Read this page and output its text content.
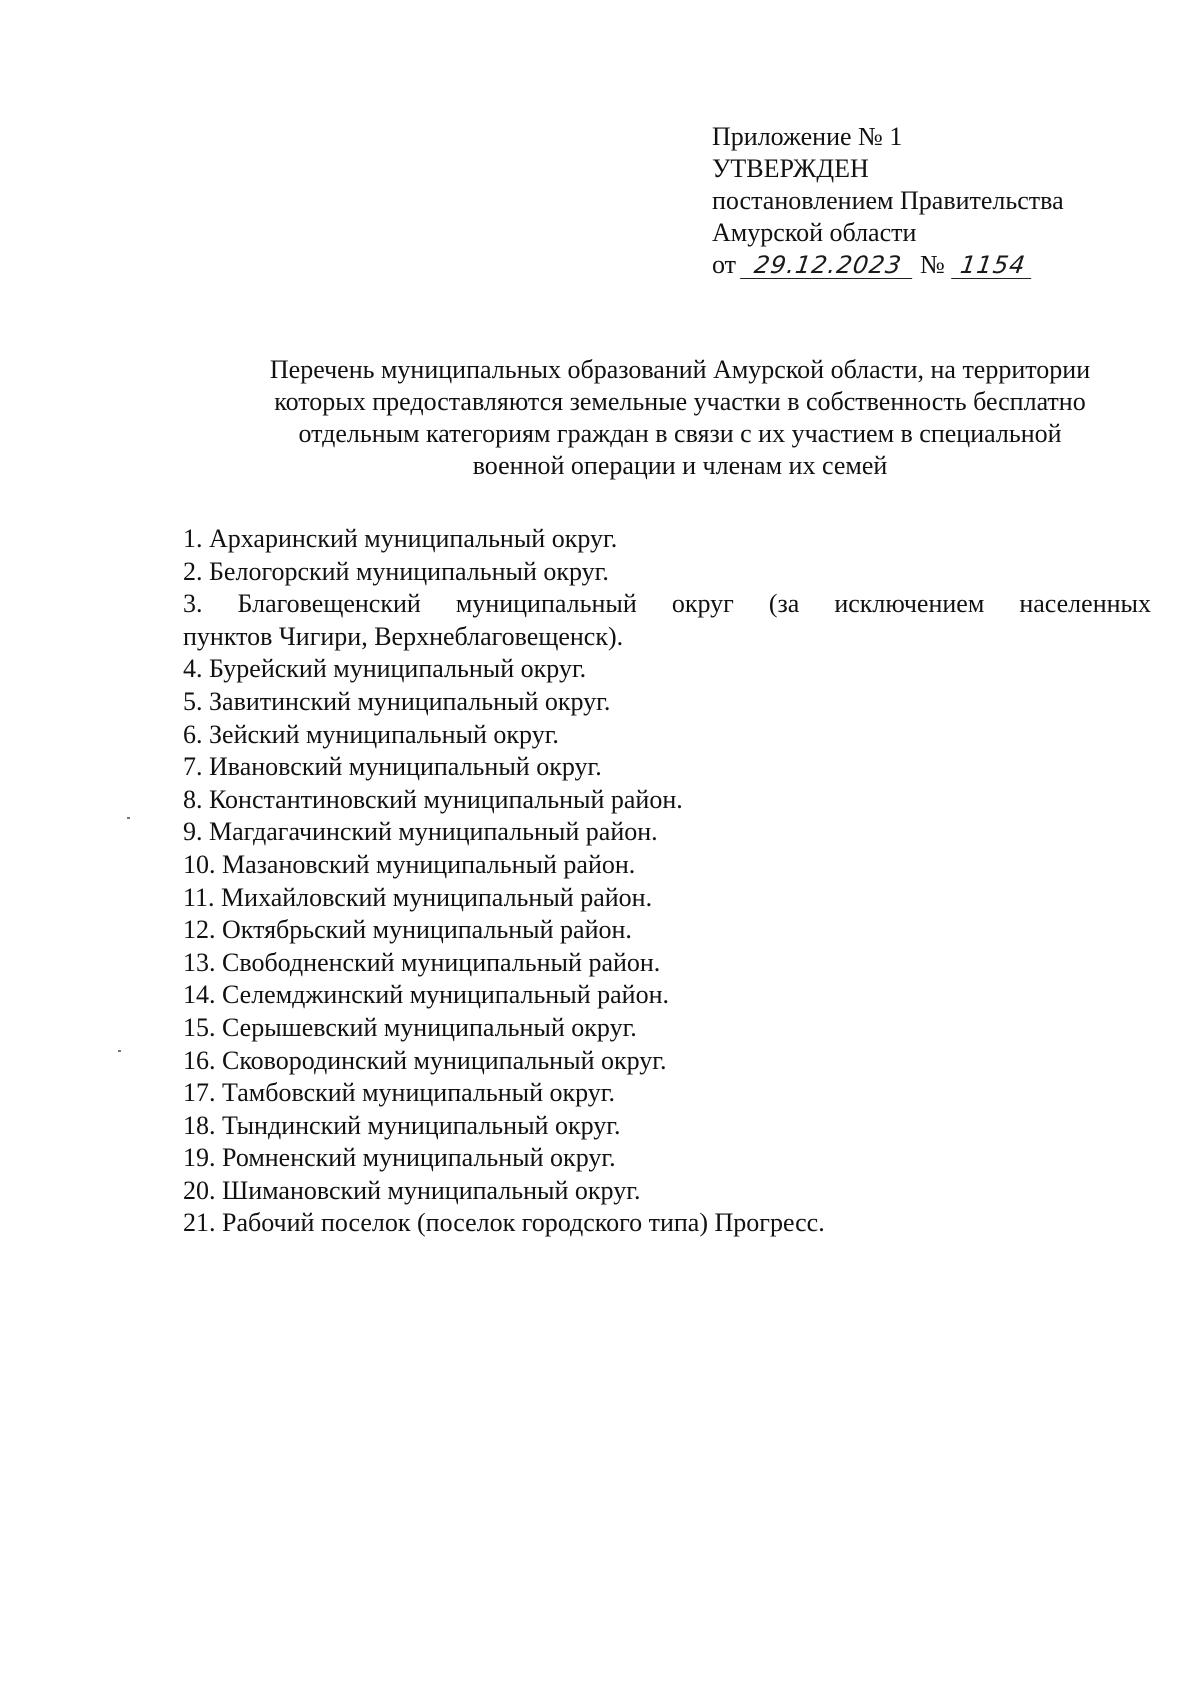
Приложение № 1
УТВЕРЖДЕН
постановлением Правительства
Амурской области
от 29.12.2023 № 1154
Перечень муниципальных образований Амурской области, на территории
которых предоставляются земельные участки в собственность бесплатно
отдельным категориям граждан в связи с их участием в специальной
военной операции и членам их семей
1. Архаринский муниципальный округ.
2. Белогорский муниципальный округ.
3. Благовещенский муниципальный округ (за исключением населенных
пунктов Чигири, Верхнеблаговещенск).
4. Бурейский муниципальный округ.
5. Завитинский муниципальный округ.
6. Зейский муниципальный округ.
7. Ивановский муниципальный округ.
8. Константиновский муниципальный район.
9. Магдагачинский муниципальный район.
10. Мазановский муниципальный район.
11. Михайловский муниципальный район.
12. Октябрьский муниципальный район.
13. Свободненский муниципальный район.
14. Селемджинский муниципальный район.
15. Серышевский муниципальный округ.
16. Сковородинский муниципальный округ.
17. Тамбовский муниципальный округ.
18. Тындинский муниципальный округ.
19. Ромненский муниципальный округ.
20. Шимановский муниципальный округ.
21. Рабочий поселок (поселок городского типа) Прогресс.
